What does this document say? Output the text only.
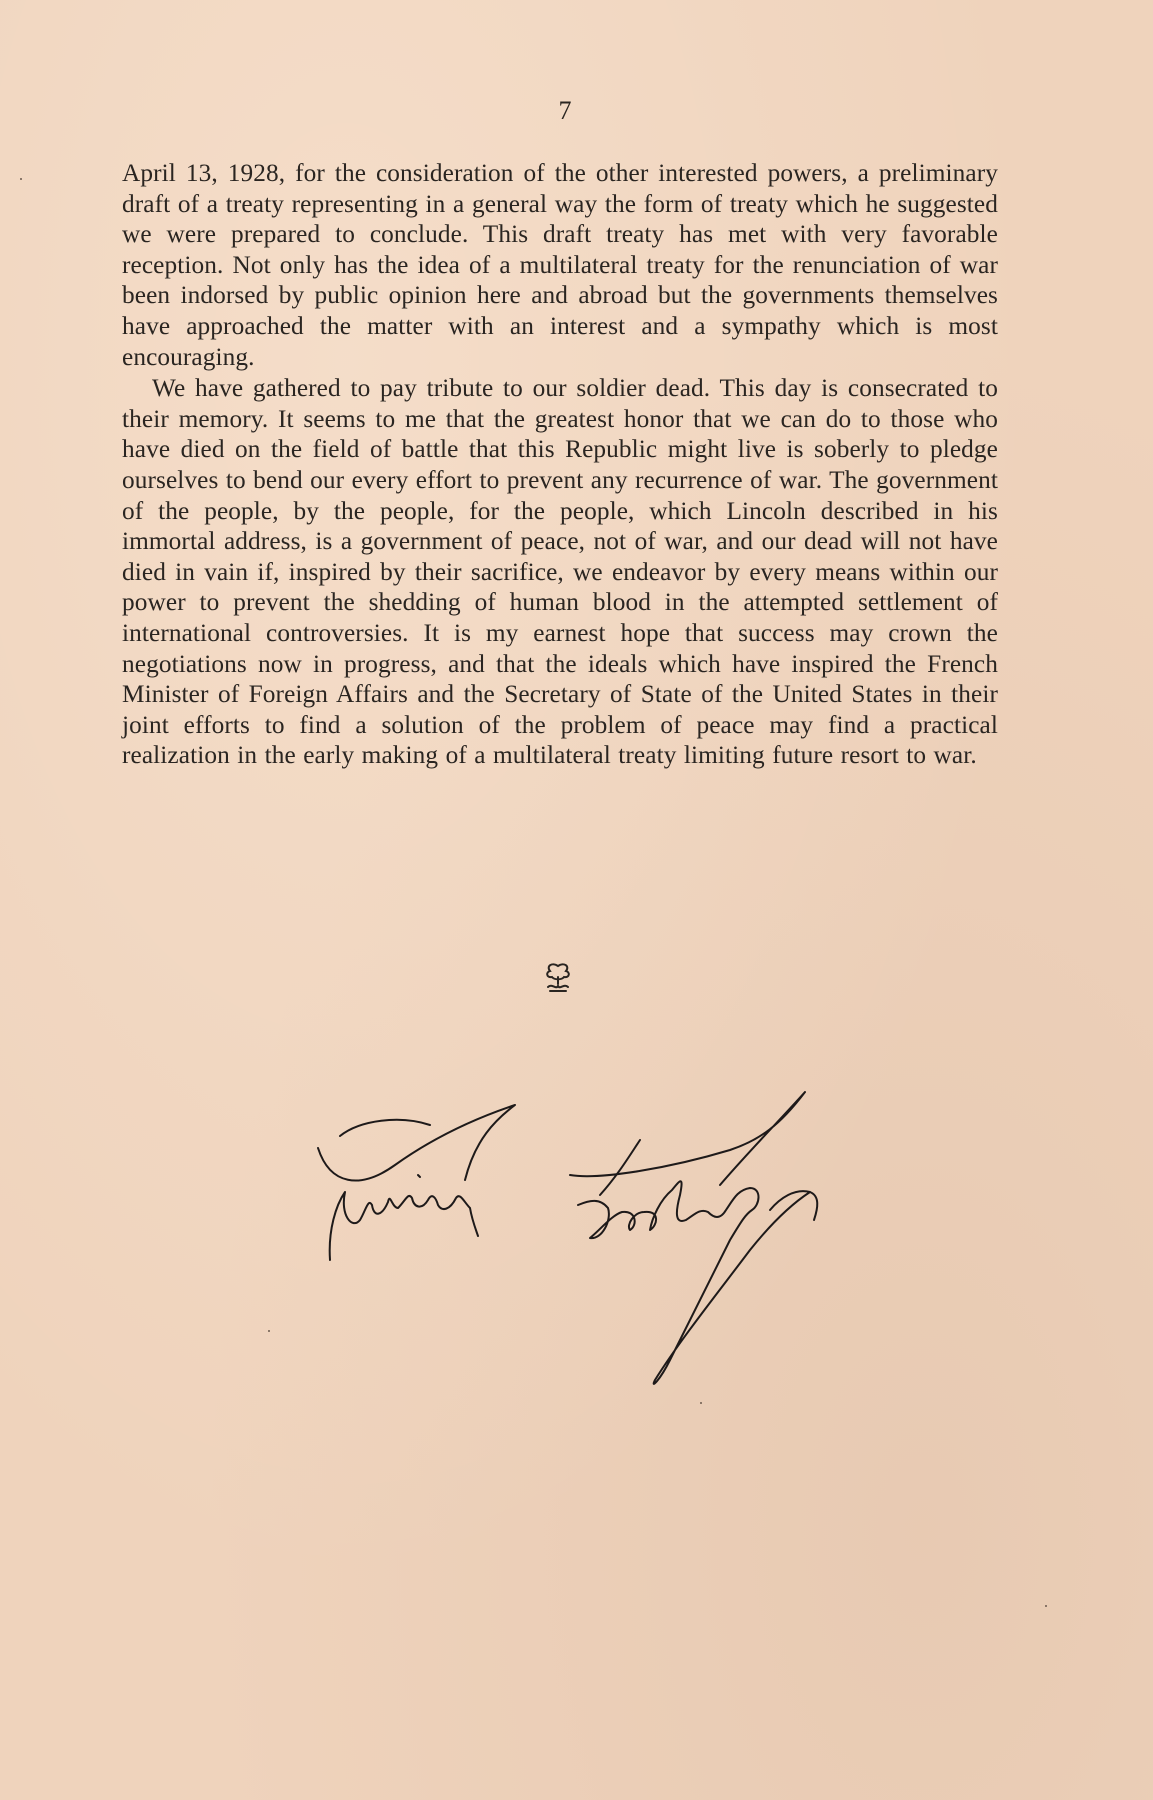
7

April 13, 1928, for the consideration of the other interested powers, a preliminary draft of a treaty representing in a general way the form of treaty which he suggested we were prepared to conclude. This draft treaty has met with very favorable reception. Not only has the idea of a multilateral treaty for the renunciation of war been indorsed by public opinion here and abroad but the governments themselves have approached the matter with an interest and a sympathy which is most encouraging.

We have gathered to pay tribute to our soldier dead. This day is consecrated to their memory. It seems to me that the greatest honor that we can do to those who have died on the field of battle that this Republic might live is soberly to pledge ourselves to bend our every effort to prevent any recurrence of war. The government of the people, by the people, for the people, which Lincoln described in his immortal address, is a government of peace, not of war, and our dead will not have died in vain if, inspired by their sacrifice, we endeavor by every means within our power to prevent the shedding of human blood in the attempted settlement of international controversies. It is my earnest hope that success may crown the negotiations now in progress, and that the ideals which have inspired the French Minister of Foreign Affairs and the Secretary of State of the United States in their joint efforts to find a solution of the problem of peace may find a practical realization in the early making of a multilateral treaty limiting future resort to war.
